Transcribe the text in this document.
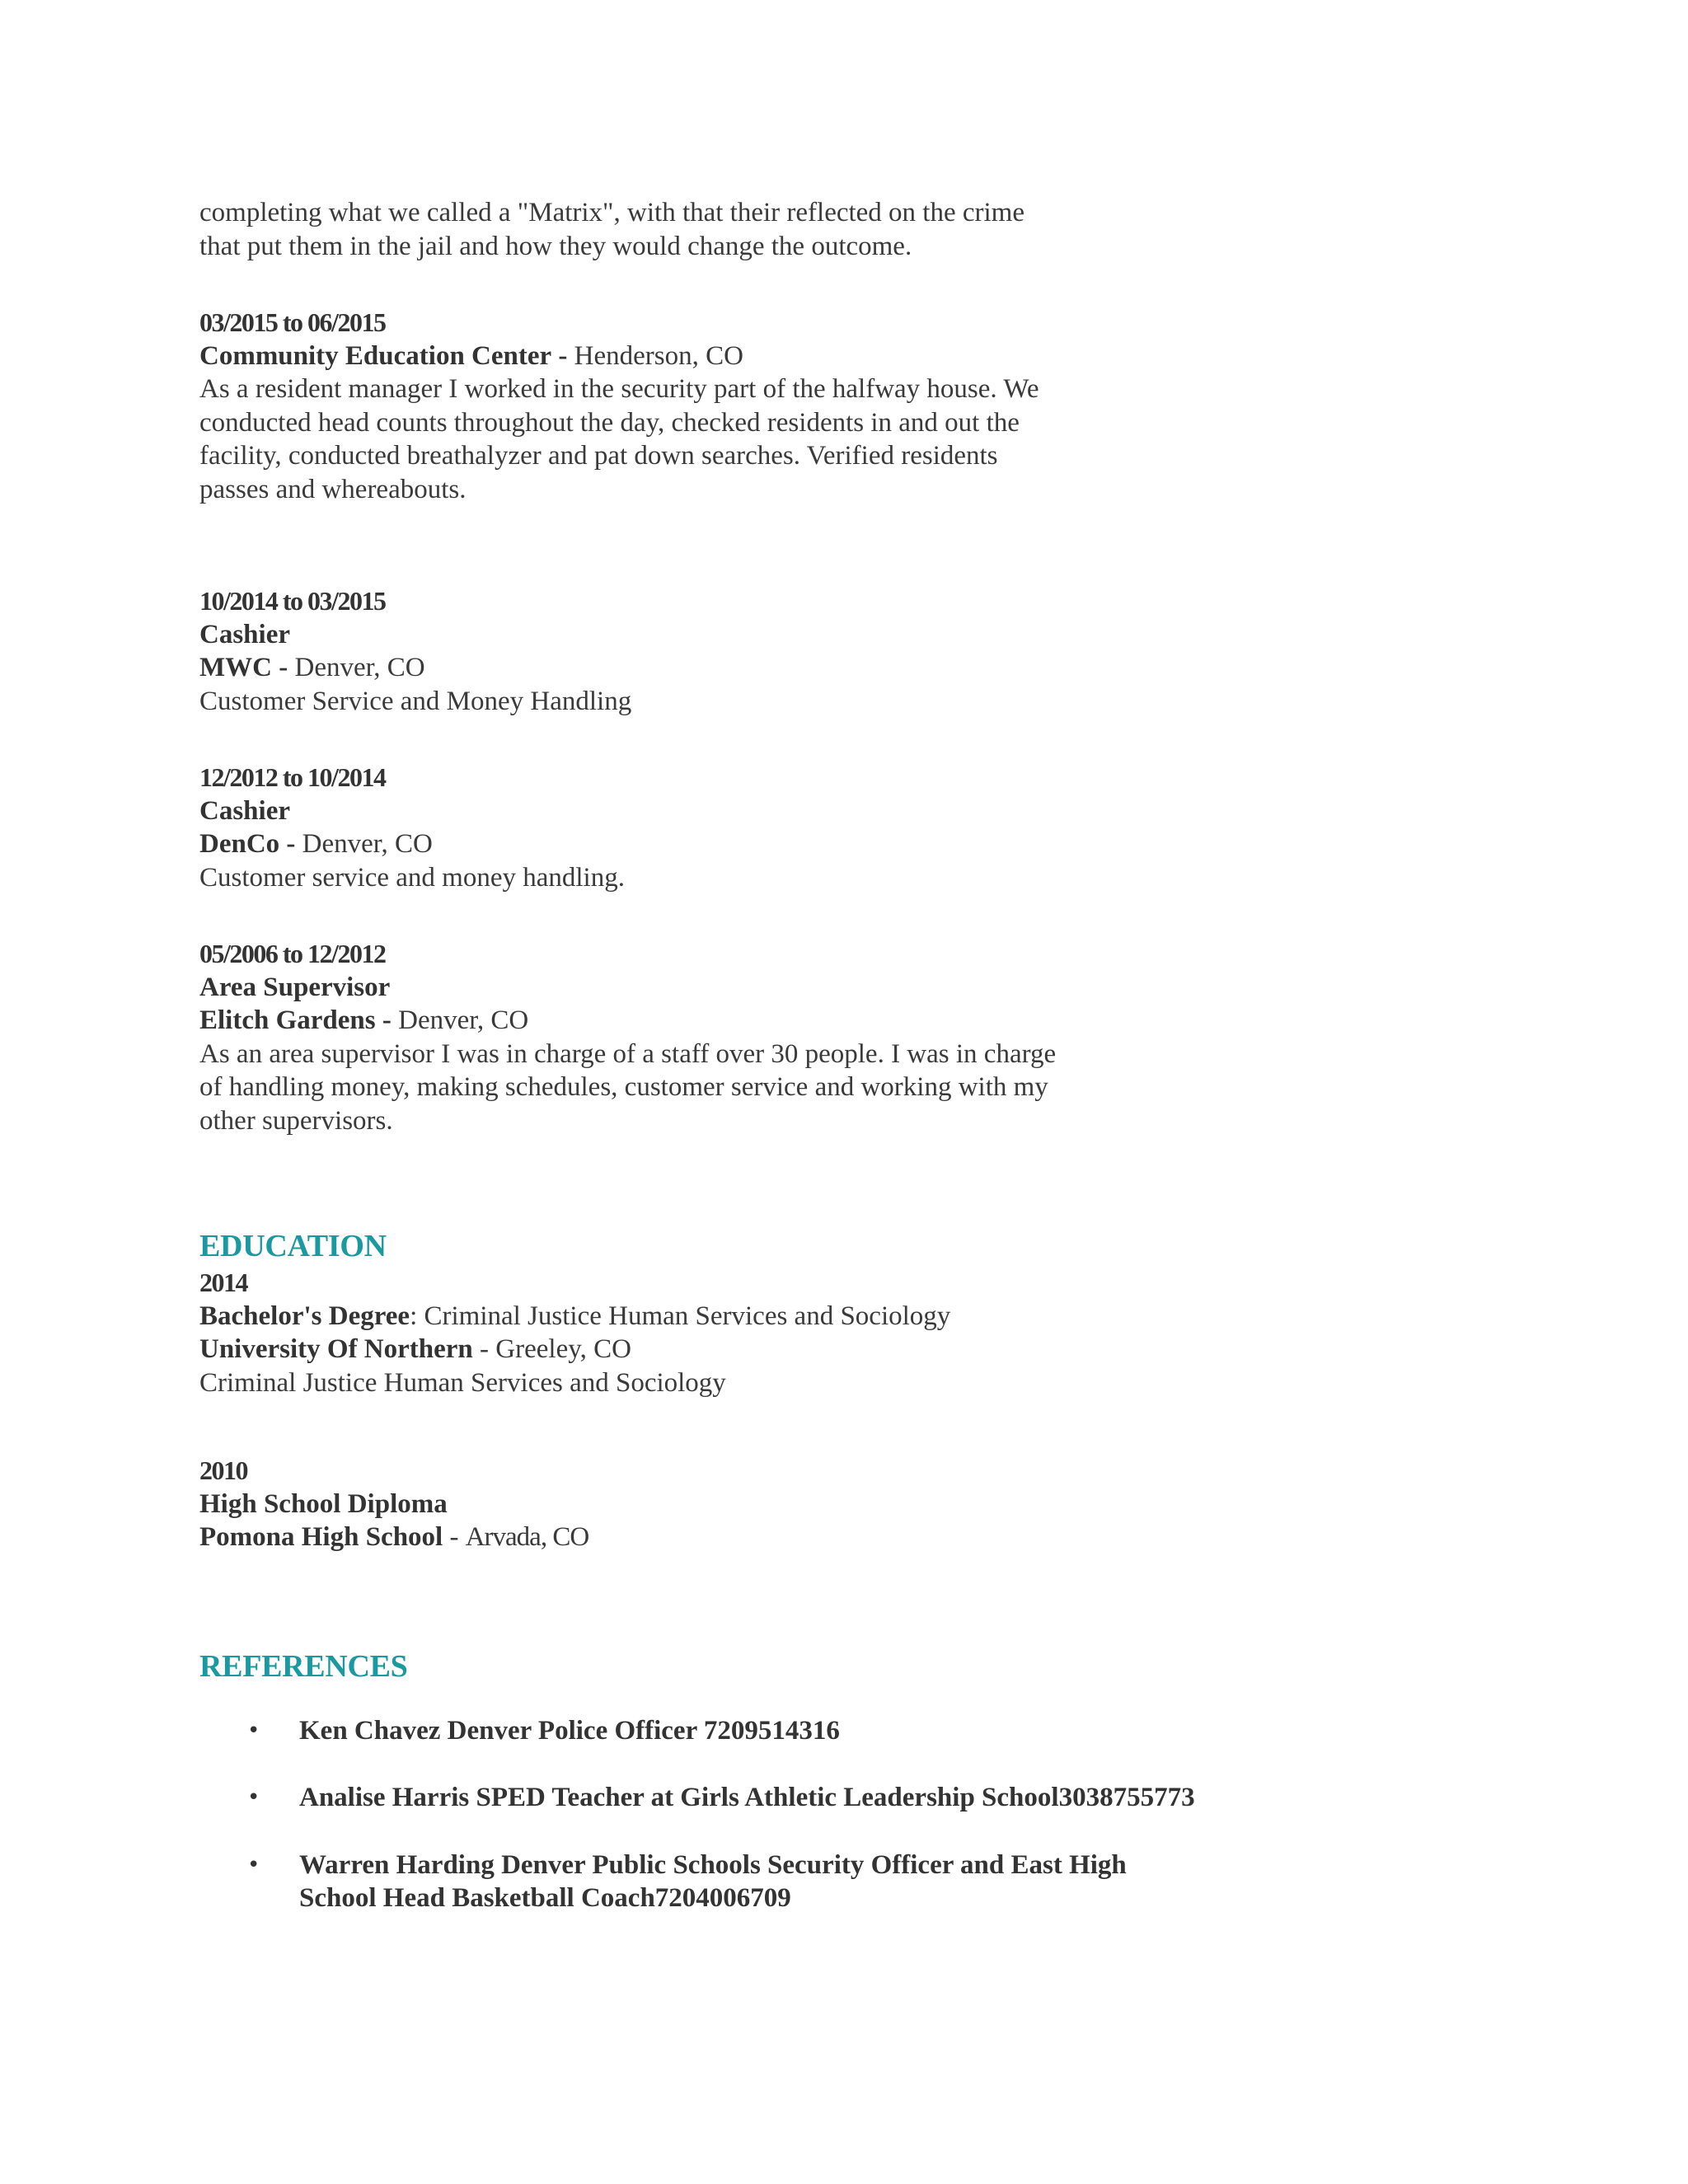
completing what we called a "Matrix", with that their reflected on the crime
that put them in the jail and how they would change the outcome.
03/2015 to 06/2015
Community Education Center - Henderson, CO
As a resident manager I worked in the security part of the halfway house. We
conducted head counts throughout the day, checked residents in and out the
facility, conducted breathalyzer and pat down searches. Verified residents
passes and whereabouts.
10/2014 to 03/2015
Cashier
MWC - Denver, CO
Customer Service and Money Handling
12/2012 to 10/2014
Cashier
DenCo - Denver, CO
Customer service and money handling.
05/2006 to 12/2012
Area Supervisor
Elitch Gardens - Denver, CO
As an area supervisor I was in charge of a staff over 30 people. I was in charge
of handling money, making schedules, customer service and working with my
other supervisors.
EDUCATION
2014
Bachelor's Degree: Criminal Justice Human Services and Sociology
University Of Northern - Greeley, CO
Criminal Justice Human Services and Sociology
2010
High School Diploma
Pomona High School - Arvada, CO
REFERENCES
• Ken Chavez Denver Police Officer 7209514316
• Analise Harris SPED Teacher at Girls Athletic Leadership School3038755773
• Warren Harding Denver Public Schools Security Officer and East High
School Head Basketball Coach7204006709
